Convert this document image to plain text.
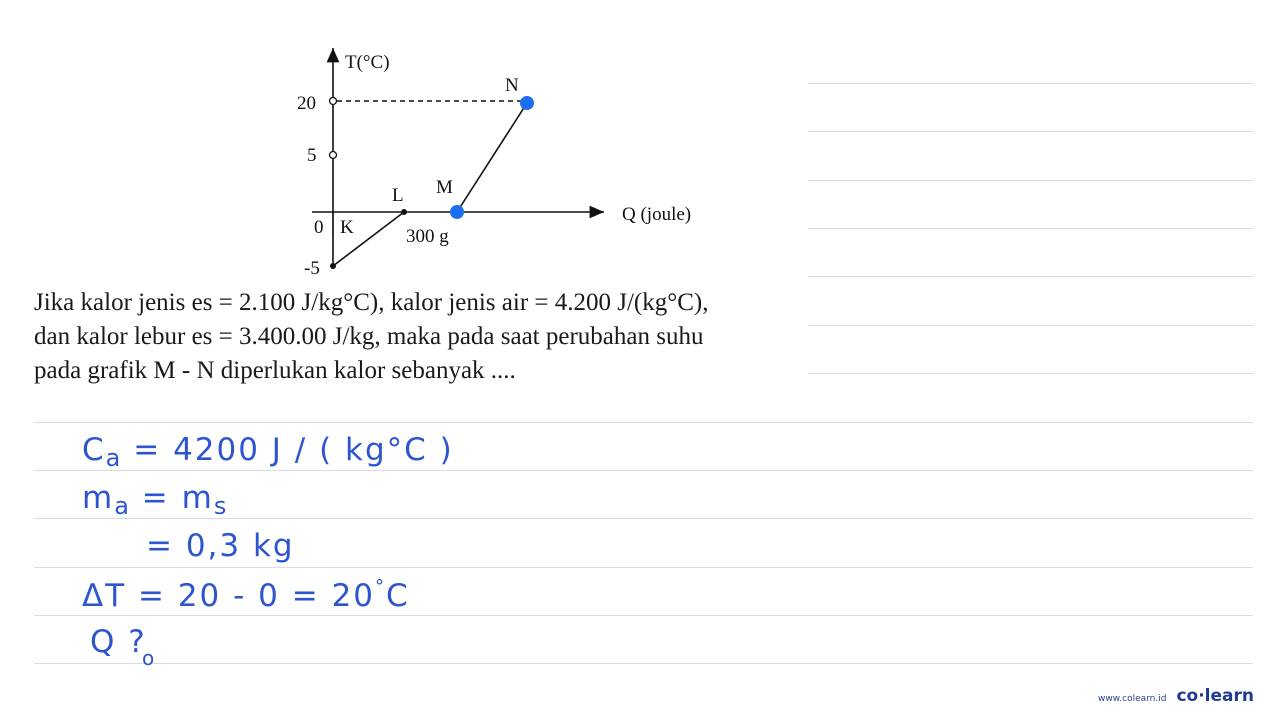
T(°C)
Q (joule)
20
5
0
-5
K
L M
N
300 g
Jika kalor jenis es = 2.100 J/kg°C), kalor jenis air = 4.200 J/(kg°C),
dan kalor lebur es = 3.400.00 J/kg, maka pada saat perubahan suhu
pada grafik M - N diperlukan kalor sebanyak ....
$C_a = 4200$ J / ( kg°C )
$m_a = m_s$
= 0,3 kg
ΔT = 20 - 0 = 20°C
Q ?
o
www.colearn.id co·learn
